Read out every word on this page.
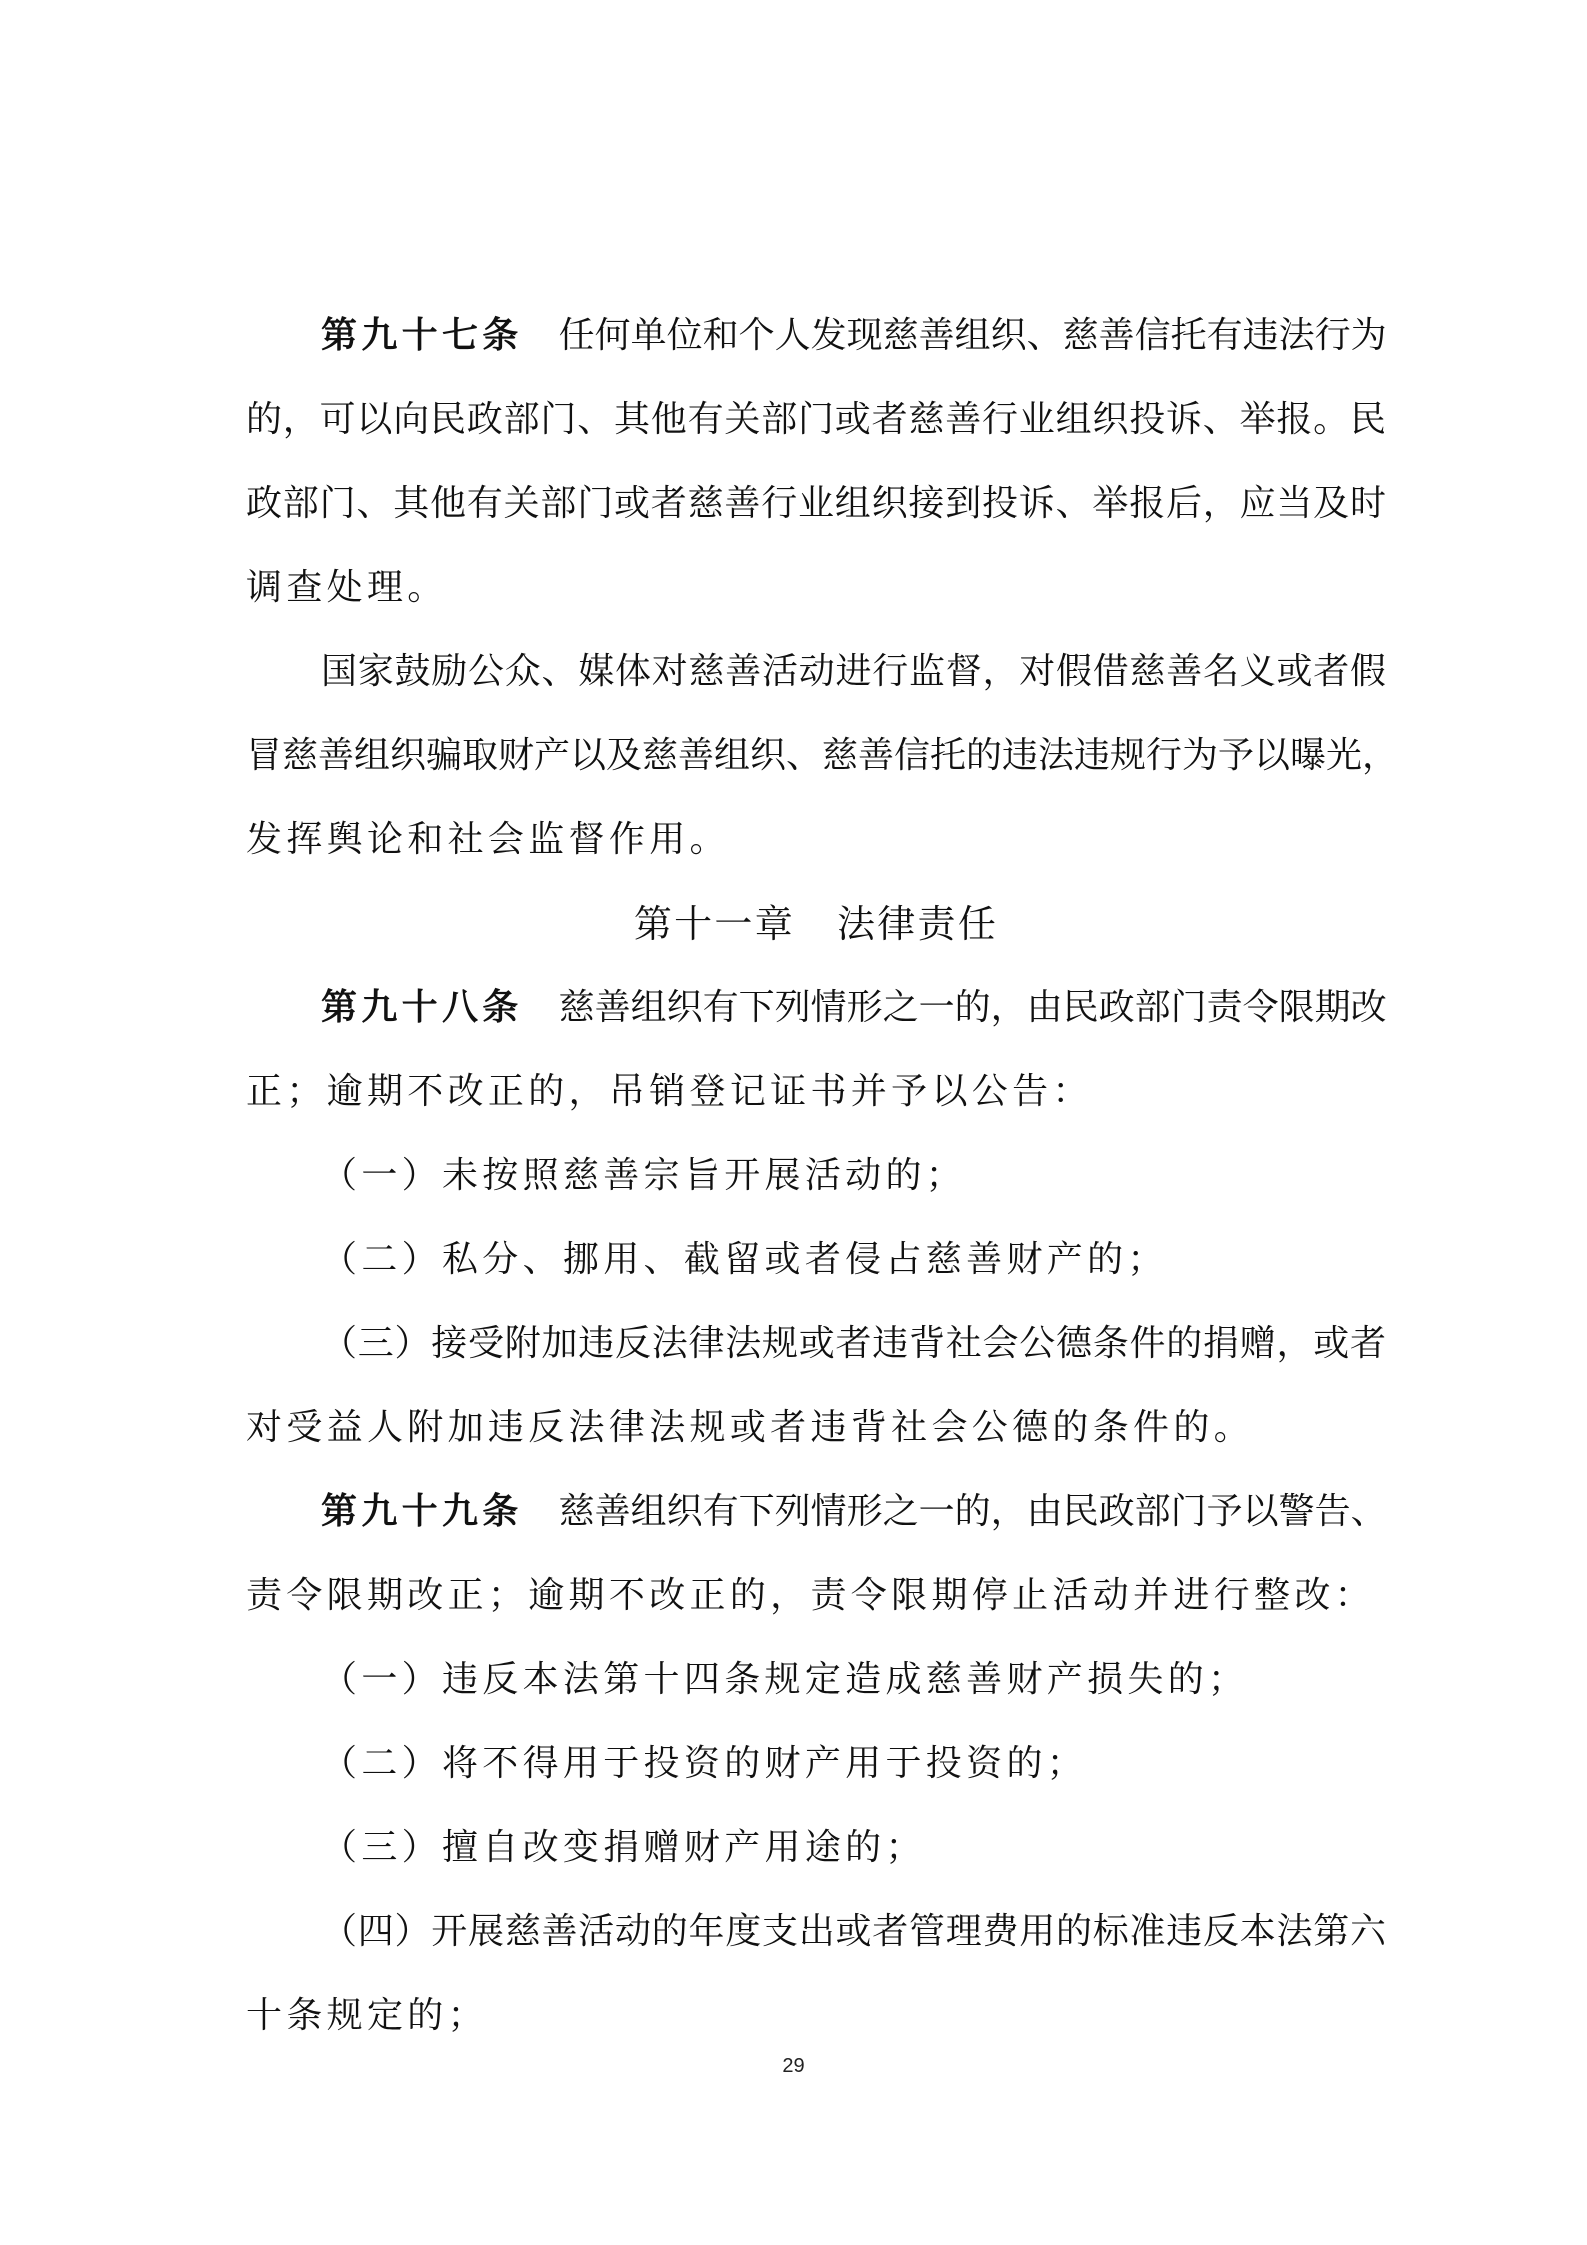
第九十七条 任何单位和个人发现慈善组织、慈善信托有违法行为
的，可以向民政部门、其他有关部门或者慈善行业组织投诉、举报。民
政部门、其他有关部门或者慈善行业组织接到投诉、举报后，应当及时
调查处理。
国家鼓励公众、媒体对慈善活动进行监督，对假借慈善名义或者假
冒慈善组织骗取财产以及慈善组织、慈善信托的违法违规行为予以曝光，
发挥舆论和社会监督作用。
第十一章 法律责任
第九十八条 慈善组织有下列情形之一的，由民政部门责令限期改
正；逾期不改正的，吊销登记证书并予以公告：
（一）未按照慈善宗旨开展活动的；
（二）私分、挪用、截留或者侵占慈善财产的；
（三）接受附加违反法律法规或者违背社会公德条件的捐赠，或者
对受益人附加违反法律法规或者违背社会公德的条件的。
第九十九条 慈善组织有下列情形之一的，由民政部门予以警告、
责令限期改正；逾期不改正的，责令限期停止活动并进行整改：
（一）违反本法第十四条规定造成慈善财产损失的；
（二）将不得用于投资的财产用于投资的；
（三）擅自改变捐赠财产用途的；
（四）开展慈善活动的年度支出或者管理费用的标准违反本法第六
十条规定的；
29
